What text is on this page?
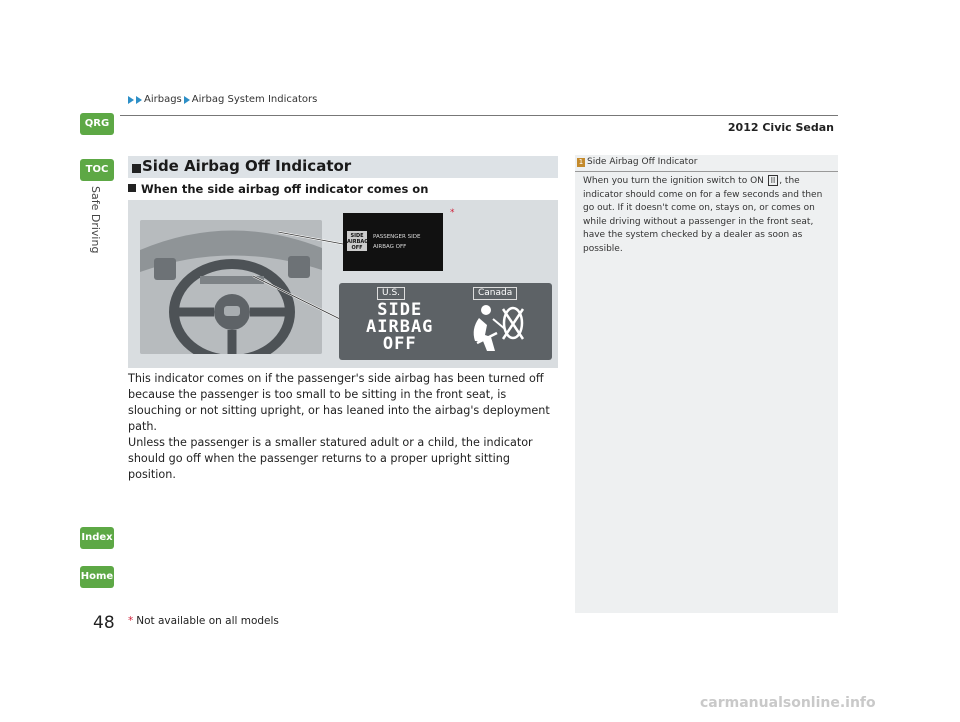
Airbags Airbag System Indicators
2012 Civic Sedan
QRG
TOC
Index
Home
Safe Driving
Side Airbag Off Indicator
When the side airbag off indicator comes on
SIDE
AIRBAG
OFF
PASSENGER SIDE
AIRBAG OFF
*
U.S.	Canada
SIDE
AIRBAG
OFF
This indicator comes on if the passenger's side airbag has been turned off because the passenger is too small to be sitting in the front seat, is slouching or not sitting upright, or has leaned into the airbag's deployment path.
Unless the passenger is a smaller statured adult or a child, the indicator should go off when the passenger returns to a proper upright sitting position.
1 Side Airbag Off Indicator
When you turn the ignition switch to ON II , the indicator should come on for a few seconds and then go out. If it doesn't come on, stays on, or comes on while driving without a passenger in the front seat, have the system checked by a dealer as soon as possible.
48 * Not available on all models
carmanualsonline.info
